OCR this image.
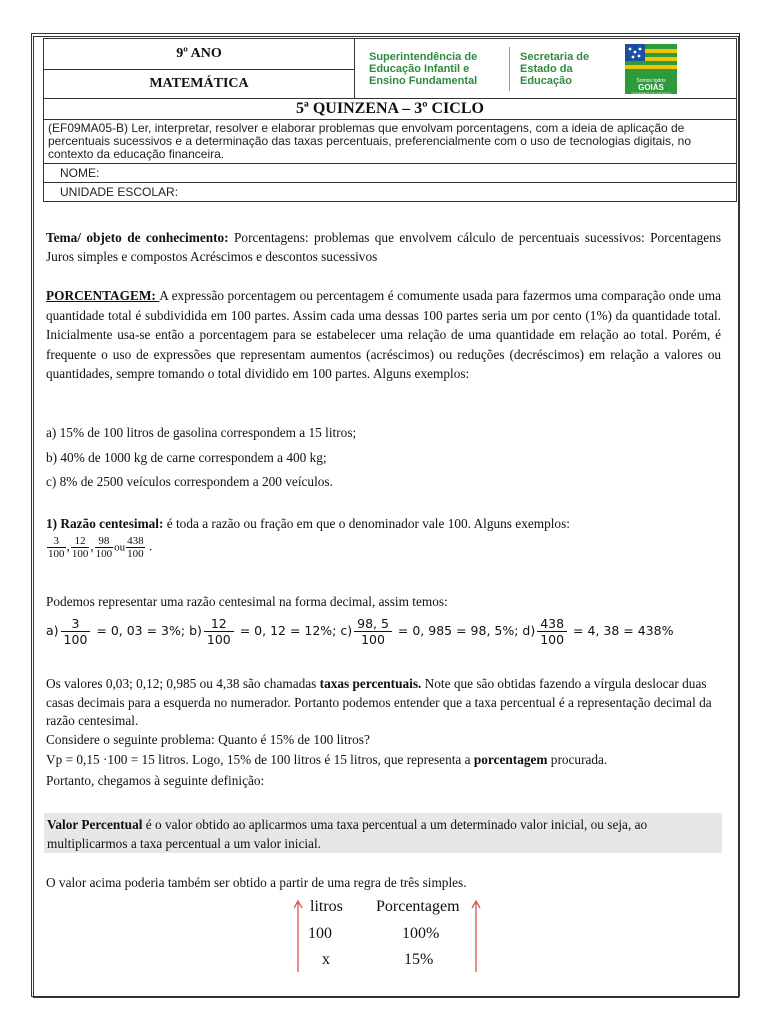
9º ANO	Superintendência de
Educação Infantil e
Ensino Fundamental
Secretaria de
Estado da
Educação	Somos todos
GOIÁS
GOVERNO DO ESTADO

MATEMÁTICA
5ª QUINZENA – 3º CICLO
(EF09MA05-B) Ler, interpretar, resolver e elaborar problemas que envolvam porcentagens, com a ideia de aplicação de percentuais sucessivos e a determinação das taxas percentuais, preferencialmente com o uso de tecnologias digitais, no contexto da educação financeira.
NOME:
UNIDADE ESCOLAR:

Tema/ objeto de conhecimento: Porcentagens: problemas que envolvem cálculo de percentuais sucessivos: Porcentagens Juros simples e compostos Acréscimos e descontos sucessivos

PORCENTAGEM: A expressão porcentagem ou percentagem é comumente usada para fazermos uma comparação onde uma quantidade total é subdividida em 100 partes. Assim cada uma dessas 100 partes seria um por cento (1%) da quantidade total. Inicialmente usa-se então a porcentagem para se estabelecer uma relação de uma quantidade em relação ao total. Porém, é frequente o uso de expressões que representam aumentos (acréscimos) ou reduções (decréscimos) em relação a valores ou quantidades, sempre tomando o total dividido em 100 partes. Alguns exemplos:

a) 15% de 100 litros de gasolina correspondem a 15 litros;
b) 40% de 1000 kg de carne correspondem a 400 kg;
c) 8% de 2500 veículos correspondem a 200 veículos.

1) Razão centesimal: é toda a razão ou fração em que o denominador vale 100. Alguns exemplos:

$\frac{3}{100}$ , $\frac{12}{100}$ , $\frac{98}{100}$ ou $\frac{438}{100}$ .
Podemos representar uma razão centesimal na forma decimal, assim temos:
$a) \frac{3}{100} = 0$, 03 = 3%; $b) \frac{12}{100} = 0$, 12 = 12%; $c) \frac{98, 5}{100} = 0$, 985 = 98, 5%; $d) \frac{438}{100} = 4$, 38 = 438%

Os valores 0,03; 0,12; 0,985 ou 4,38 são chamadas taxas percentuais. Note que são obtidas fazendo a vírgula deslocar duas casas decimais para a esquerda no numerador. Portanto podemos entender que a taxa percentual é a representação decimal da razão centesimal.

Considere o seguinte problema: Quanto é 15% de 100 litros?
Vp = 0,15 ·100 = 15 litros. Logo, 15% de 100 litros é 15 litros, que representa a porcentagem procurada.
Portanto, chegamos à seguinte definição:

Valor Percentual é o valor obtido ao aplicarmos uma taxa percentual a um determinado valor inicial, ou seja, ao multiplicarmos a taxa percentual a um valor inicial.

O valor acima poderia também ser obtido a partir de uma regra de três simples.
litros Porcentagem
100	100%
x	15%
